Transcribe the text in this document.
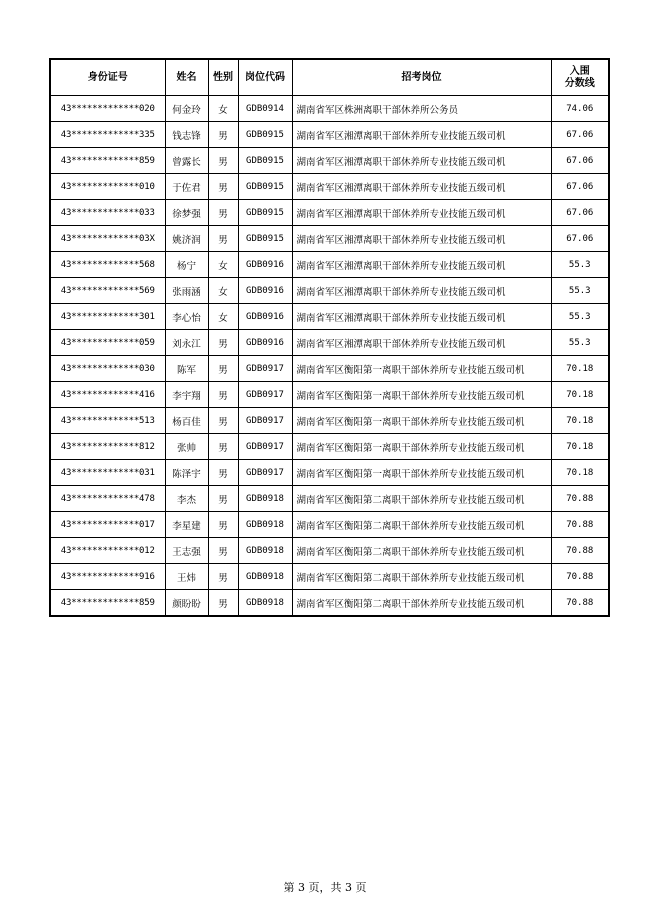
身份证号	姓名	性别	岗位代码	招考岗位	入围
分数线

43*************020	何金玲	女	GDB0914	湖南省军区株洲离职干部休养所公务员	74.06
43*************335	钱志锋	男	GDB0915	湖南省军区湘潭离职干部休养所专业技能五级司机	67.06
43*************859	曾露长	男	GDB0915	湖南省军区湘潭离职干部休养所专业技能五级司机	67.06
43*************010	于佐君	男	GDB0915	湖南省军区湘潭离职干部休养所专业技能五级司机	67.06
43*************033	徐梦强	男	GDB0915	湖南省军区湘潭离职干部休养所专业技能五级司机	67.06
43*************03X	姚济润	男	GDB0915	湖南省军区湘潭离职干部休养所专业技能五级司机	67.06
43*************568	杨宁	女	GDB0916	湖南省军区湘潭离职干部休养所专业技能五级司机	55.3
43*************569	张雨涵	女	GDB0916	湖南省军区湘潭离职干部休养所专业技能五级司机	55.3
43*************301	李心怡	女	GDB0916	湖南省军区湘潭离职干部休养所专业技能五级司机	55.3
43*************059	刘永江	男	GDB0916	湖南省军区湘潭离职干部休养所专业技能五级司机	55.3
43*************030	陈军	男	GDB0917	湖南省军区衡阳第一离职干部休养所专业技能五级司机	70.18
43*************416	李宇翔	男	GDB0917	湖南省军区衡阳第一离职干部休养所专业技能五级司机	70.18
43*************513	杨百佳	男	GDB0917	湖南省军区衡阳第一离职干部休养所专业技能五级司机	70.18
43*************812	张帅	男	GDB0917	湖南省军区衡阳第一离职干部休养所专业技能五级司机	70.18
43*************031	陈泽宇	男	GDB0917	湖南省军区衡阳第一离职干部休养所专业技能五级司机	70.18
43*************478	李杰	男	GDB0918	湖南省军区衡阳第二离职干部休养所专业技能五级司机	70.88
43*************017	李星建	男	GDB0918	湖南省军区衡阳第二离职干部休养所专业技能五级司机	70.88
43*************012	王志强	男	GDB0918	湖南省军区衡阳第二离职干部休养所专业技能五级司机	70.88
43*************916	王炜	男	GDB0918	湖南省军区衡阳第二离职干部休养所专业技能五级司机	70.88
43*************859	颜盼盼	男	GDB0918	湖南省军区衡阳第二离职干部休养所专业技能五级司机	70.88
第 3 页，共 3 页
